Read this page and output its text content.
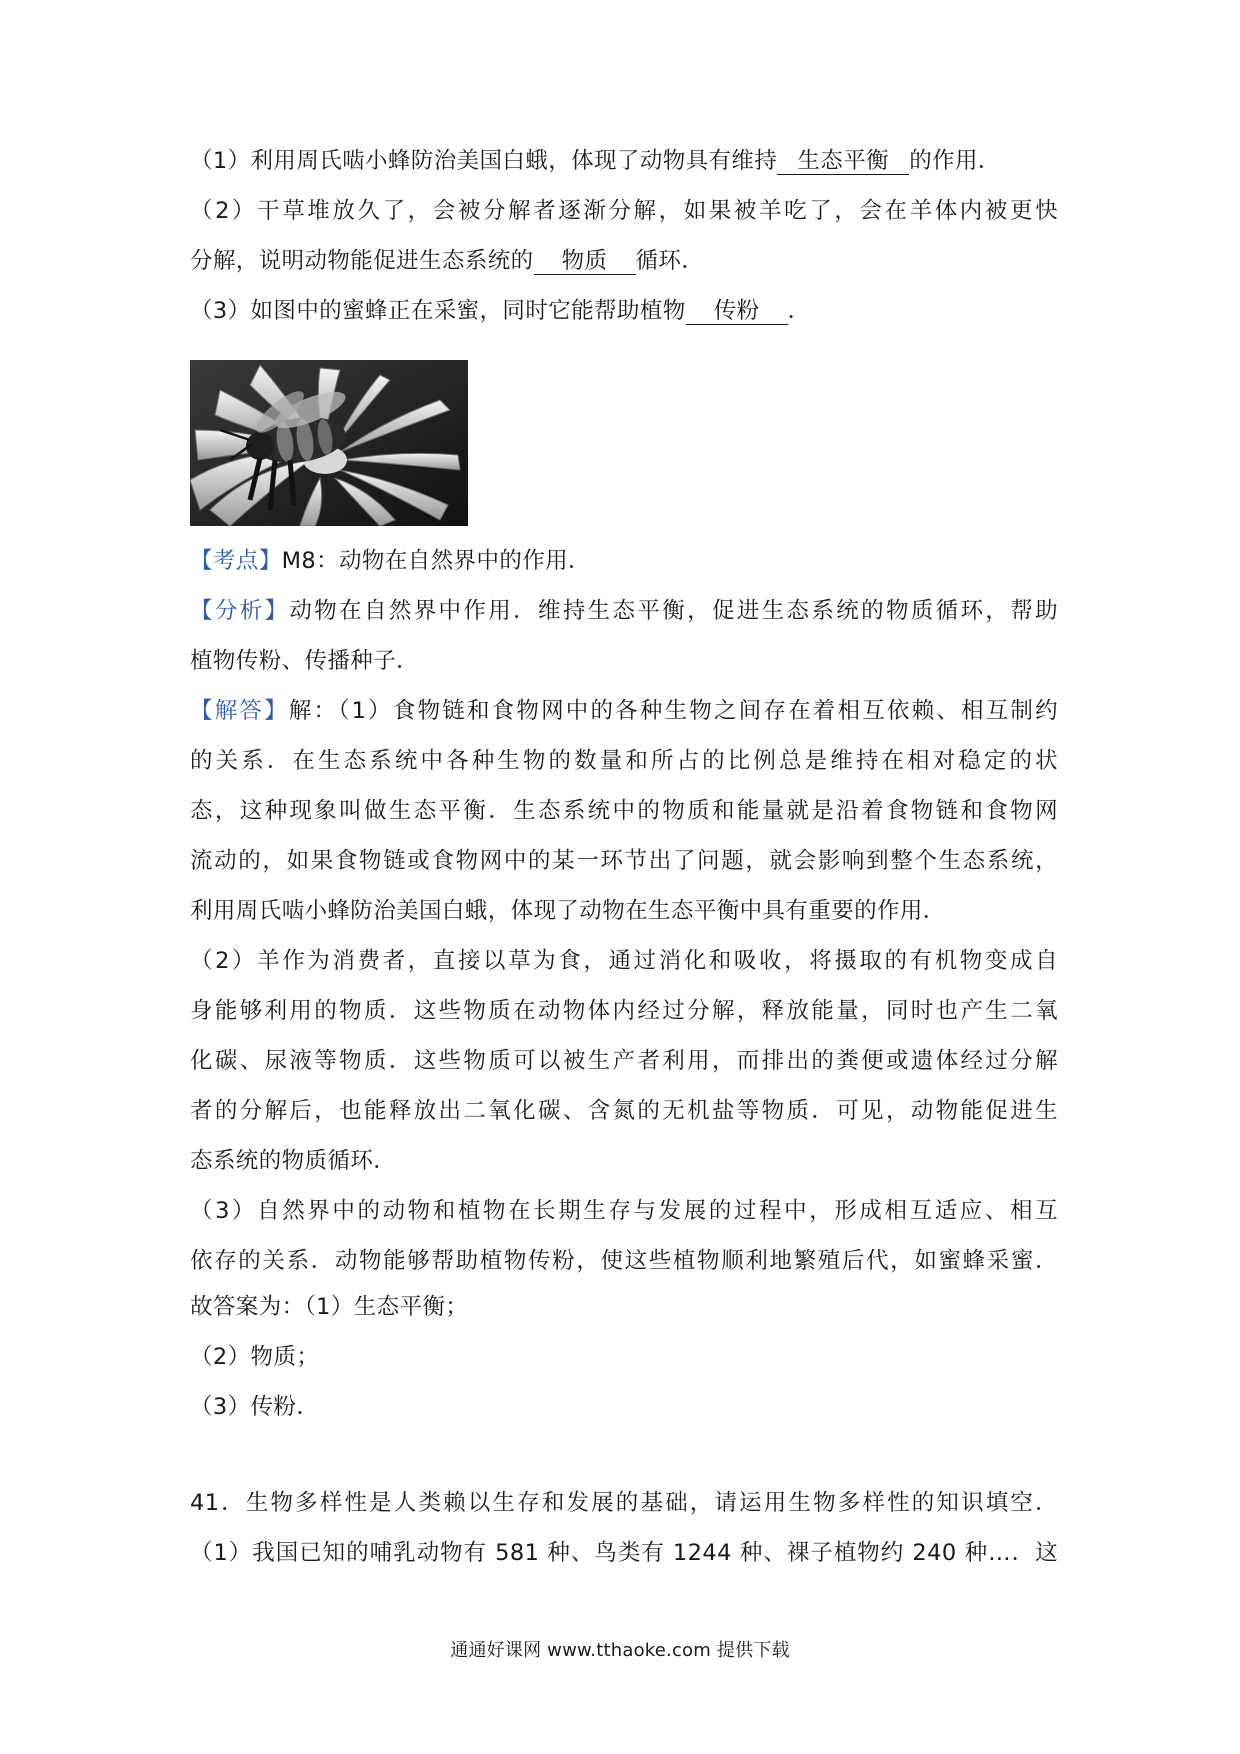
（1）利用周氏啮小蜂防治美国白蛾，体现了动物具有维持 生态平衡 的作用．
（2）干草堆放久了，会被分解者逐渐分解，如果被羊吃了，会在羊体内被更快
分解，说明动物能促进生态系统的 物质 循环．
（3）如图中的蜜蜂正在采蜜，同时它能帮助植物 传粉 ．
【考点】M8：动物在自然界中的作用．
【分析】动物在自然界中作用．维持生态平衡，促进生态系统的物质循环，帮助
植物传粉、传播种子．
【解答】解：（1）食物链和食物网中的各种生物之间存在着相互依赖、相互制约
的关系．在生态系统中各种生物的数量和所占的比例总是维持在相对稳定的状
态，这种现象叫做生态平衡．生态系统中的物质和能量就是沿着食物链和食物网
流动的，如果食物链或食物网中的某一环节出了问题，就会影响到整个生态系统，
利用周氏啮小蜂防治美国白蛾，体现了动物在生态平衡中具有重要的作用．
（2）羊作为消费者，直接以草为食，通过消化和吸收，将摄取的有机物变成自
身能够利用的物质．这些物质在动物体内经过分解，释放能量，同时也产生二氧
化碳、尿液等物质．这些物质可以被生产者利用，而排出的粪便或遗体经过分解
者的分解后，也能释放出二氧化碳、含氮的无机盐等物质．可见，动物能促进生
态系统的物质循环．
（3）自然界中的动物和植物在长期生存与发展的过程中，形成相互适应、相互
依存的关系．动物能够帮助植物传粉，使这些植物顺利地繁殖后代，如蜜蜂采蜜．
故答案为：（1）生态平衡；
（2）物质；
（3）传粉．
41．生物多样性是人类赖以生存和发展的基础，请运用生物多样性的知识填空．
（1）我国已知的哺乳动物有 581 种、鸟类有 1244 种、裸子植物约 240 种…．这
通通好课网 www.tthaoke.com 提供下载
